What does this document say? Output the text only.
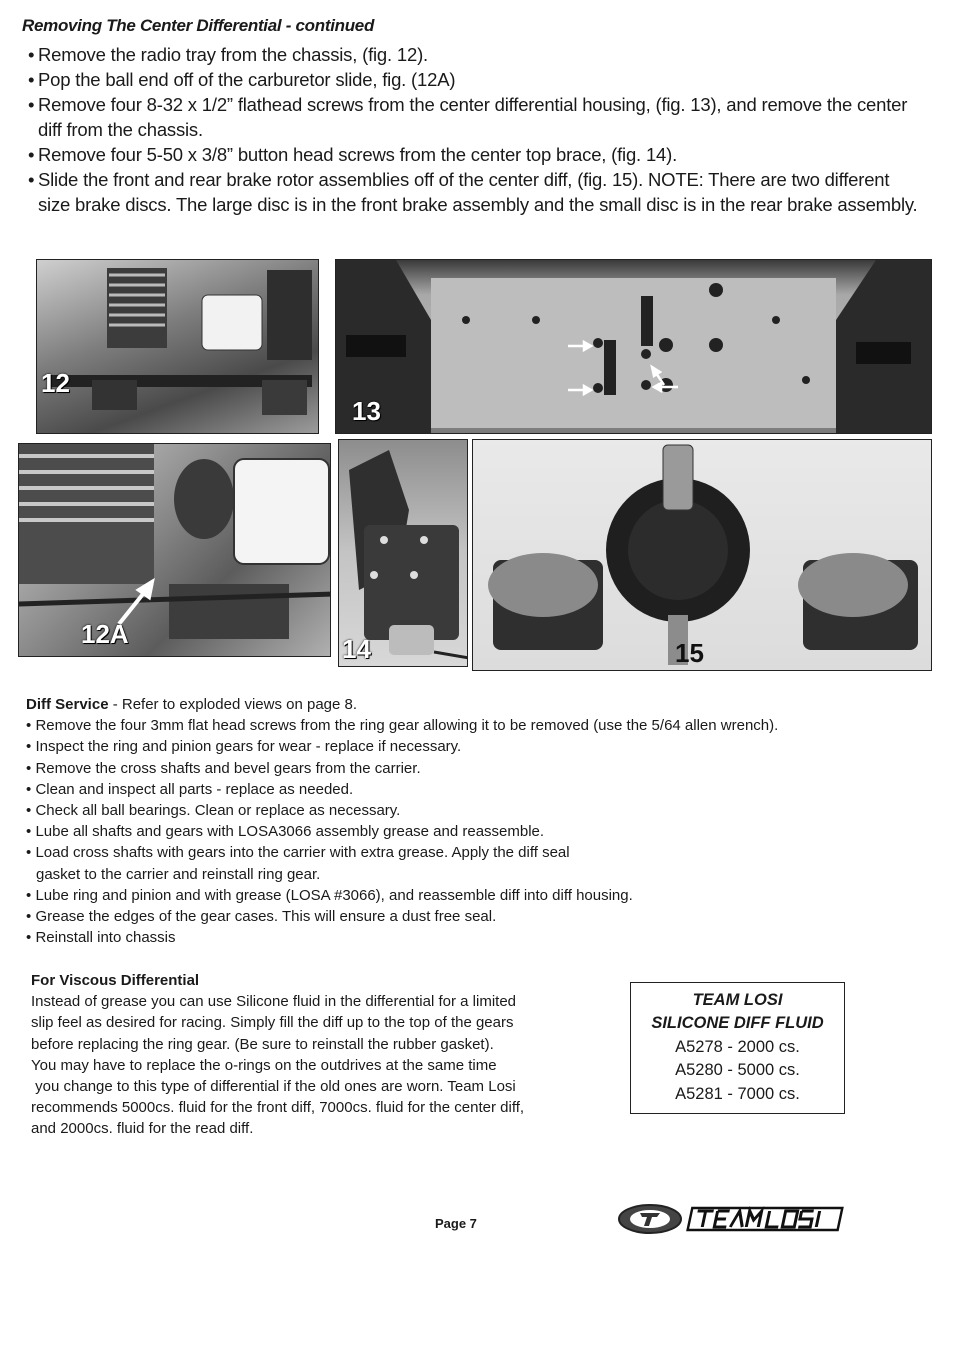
Removing The Center Differential - continued
• Remove the radio tray from the chassis, (fig. 12).
• Pop the ball end off of the carburetor slide, fig. (12A)
• Remove four 8-32 x 1/2” flathead screws from the center differential housing, (fig. 13), and remove the center diff from the chassis.
• Remove four 5-50 x 3/8” button head screws from the center top brace, (fig. 14).
• Slide the front and rear brake rotor assemblies off of the center diff, (fig. 15). NOTE: There are two different size brake discs. The large disc is in the front brake assembly and the small disc is in the rear brake assembly.
12
13
12A	14	15
Diff Service - Refer to exploded views on page 8.
• Remove the four 3mm flat head screws from the ring gear allowing it to be removed (use the 5/64 allen wrench).
• Inspect the ring and pinion gears for wear - replace if necessary.
• Remove the cross shafts and bevel gears from the carrier.
• Clean and inspect all parts - replace as needed.
• Check all ball bearings. Clean or replace as necessary.
• Lube all shafts and gears with LOSA3066 assembly grease and reassemble.
• Load cross shafts with gears into the carrier with extra grease. Apply the diff seal gasket to the carrier and reinstall ring gear.
• Lube ring and pinion and with grease (LOSA #3066), and reassemble diff into diff housing.
• Grease the edges of the gear cases. This will ensure a dust free seal.
• Reinstall into chassis
For Viscous Differential
Instead of grease you can use Silicone fluid in the differential for a limited
slip feel as desired for racing. Simply fill the diff up to the top of the gears
before replacing the ring gear. (Be sure to reinstall the rubber gasket).
You may have to replace the o-rings on the outdrives at the same time
you change to this type of differential if the old ones are worn. Team Losi
recommends 5000cs. fluid for the front diff, 7000cs. fluid for the center diff,
and 2000cs. fluid for the read diff.
TEAM LOSI
SILICONE DIFF FLUID
A5278 - 2000 cs.
A5280 - 5000 cs.
A5281 - 7000 cs.
Page 7
